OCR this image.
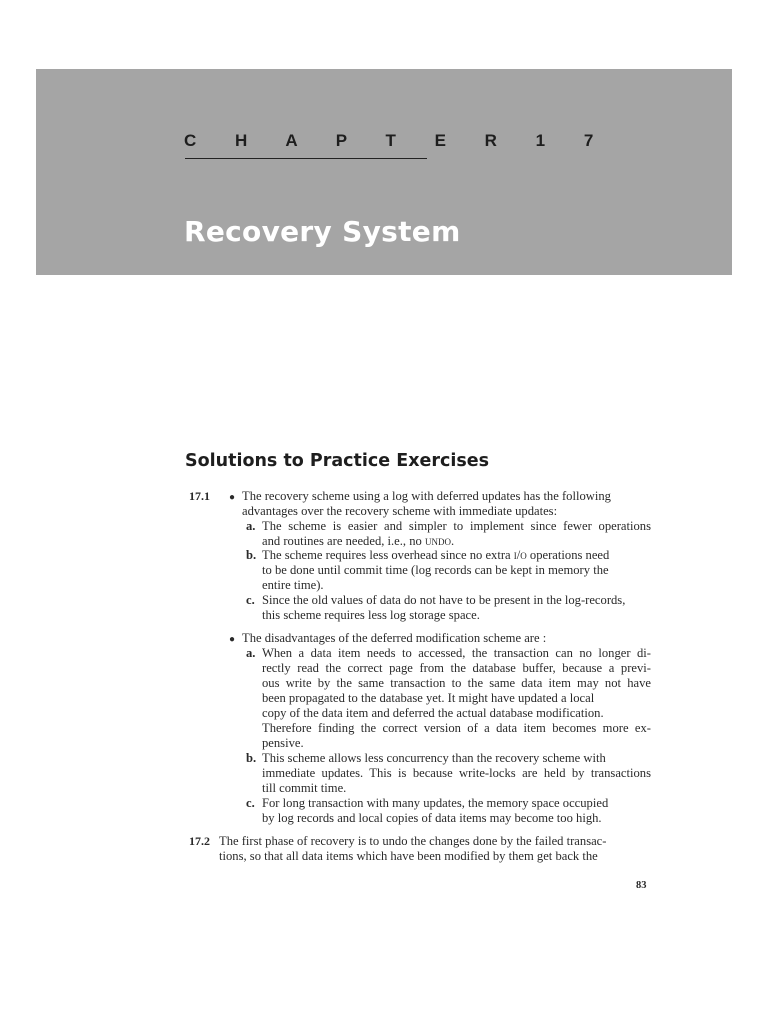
C H A P T E R 1 7
Recovery System
Solutions to Practice Exercises
17.1 ● The recovery scheme using a log with deferred updates has the following
advantages over the recovery scheme with immediate updates:
a. The scheme is easier and simpler to implement since fewer operations
and routines are needed, i.e., no undo.
b. The scheme requires less overhead since no extra i/o operations need
to be done until commit time (log records can be kept in memory the
entire time).
c. Since the old values of data do not have to be present in the log-records,
this scheme requires less log storage space.
● The disadvantages of the deferred modification scheme are :
a. When a data item needs to accessed, the transaction can no longer di-
rectly read the correct page from the database buffer, because a previ-
ous write by the same transaction to the same data item may not have
been propagated to the database yet. It might have updated a local
copy of the data item and deferred the actual database modification.
Therefore finding the correct version of a data item becomes more ex-
pensive.
b. This scheme allows less concurrency than the recovery scheme with
immediate updates. This is because write-locks are held by transactions
till commit time.
c. For long transaction with many updates, the memory space occupied
by log records and local copies of data items may become too high.
17.2 The first phase of recovery is to undo the changes done by the failed transac-
tions, so that all data items which have been modified by them get back the
83
